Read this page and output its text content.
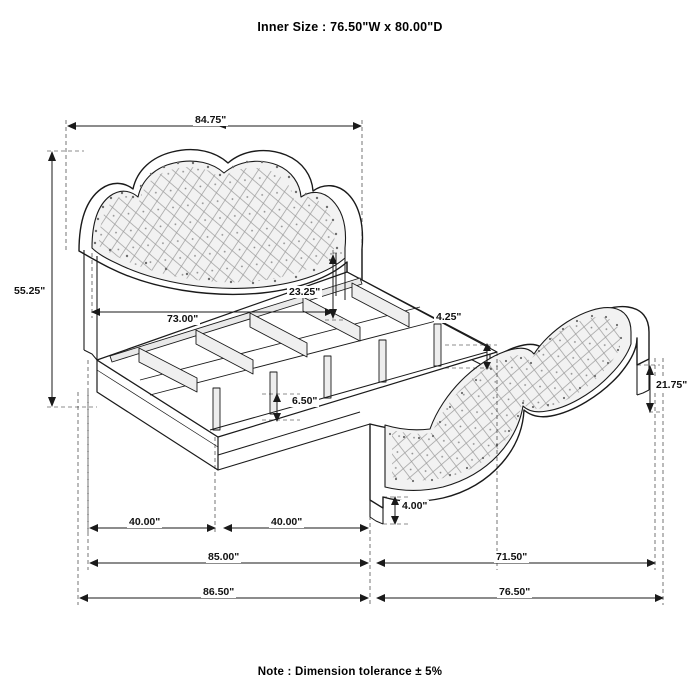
Inner Size : 76.50"W x 80.00"D
84.75"
55.25"
73.00"
23.25"
4.25"
6.50"
21.75"
4.00"
40.00"	40.00"
85.00"	71.50"
86.50"	76.50"
Note : Dimension tolerance ± 5%
